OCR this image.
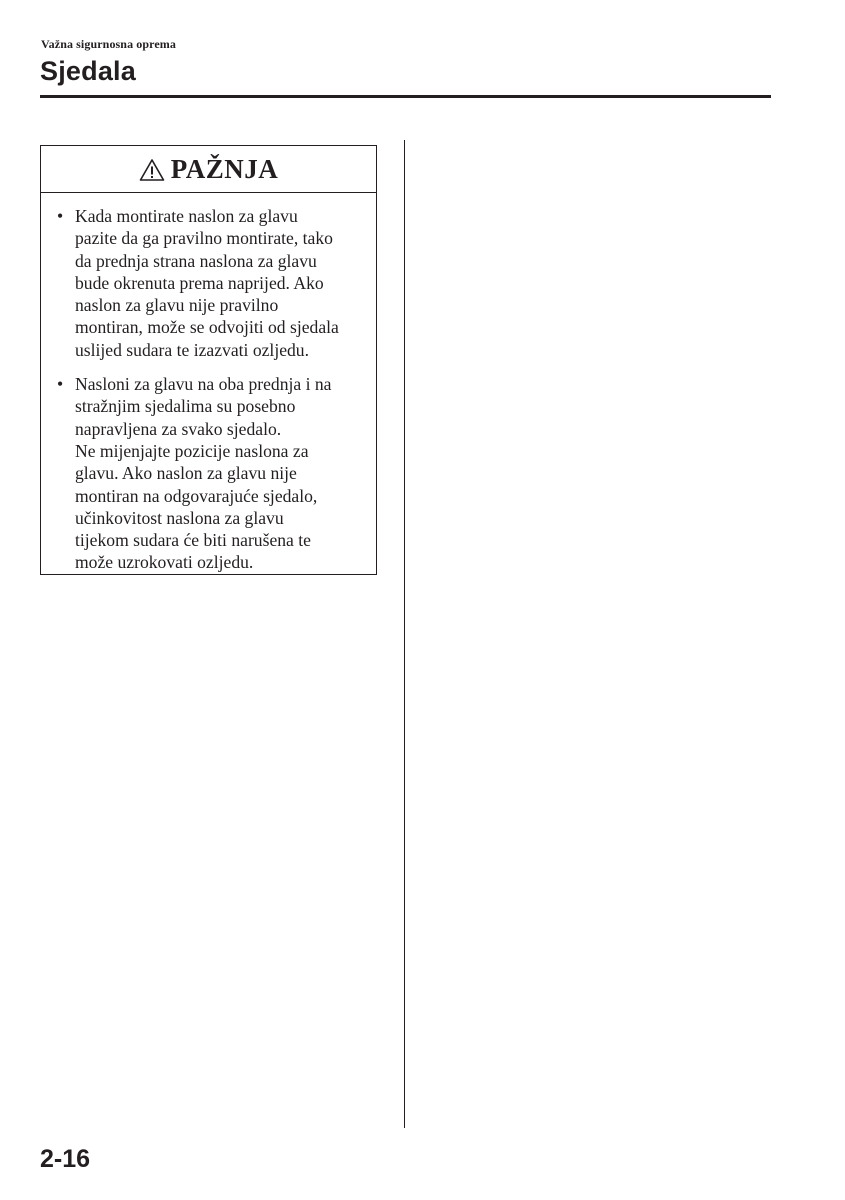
Važna sigurnosna oprema
Sjedala
PAŽNJA
• Kada montirate naslon za glavu
pazite da ga pravilno montirate, tako
da prednja strana naslona za glavu
bude okrenuta prema naprijed. Ako
naslon za glavu nije pravilno
montiran, može se odvojiti od sjedala
uslijed sudara te izazvati ozljedu.
• Nasloni za glavu na oba prednja i na
stražnjim sjedalima su posebno
napravljena za svako sjedalo.
Ne mijenjajte pozicije naslona za
glavu. Ako naslon za glavu nije
montiran na odgovarajuće sjedalo,
učinkovitost naslona za glavu
tijekom sudara će biti narušena te
može uzrokovati ozljedu.
2-16
